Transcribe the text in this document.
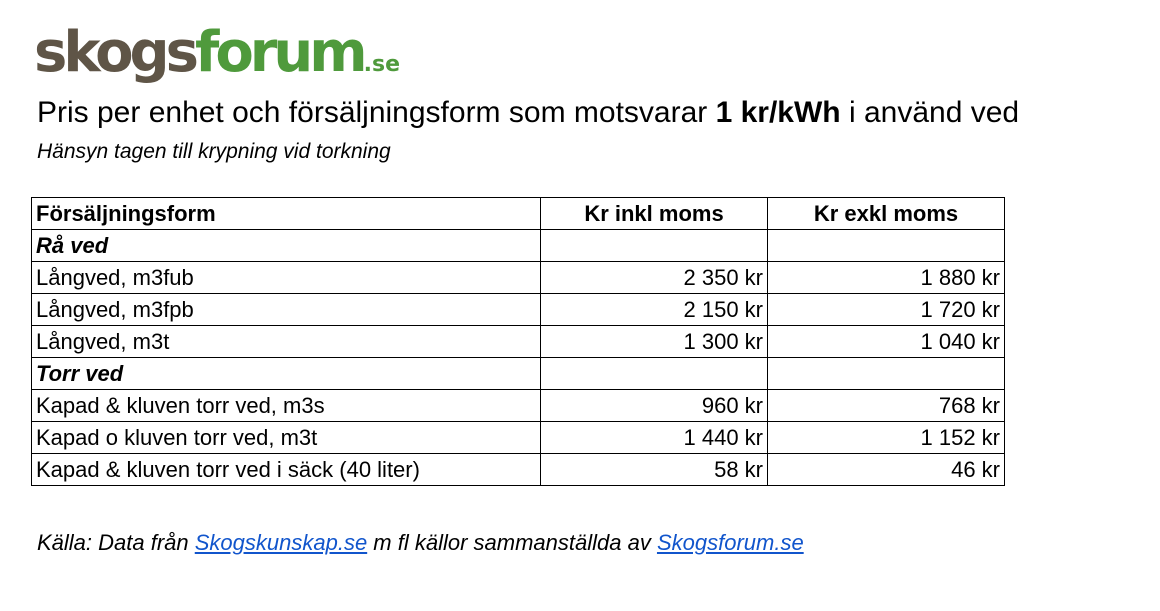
skogsforum.se
Pris per enhet och försäljningsform som motsvarar 1 kr/kWh i använd ved
Hänsyn tagen till krypning vid torkning
Försäljningsform	Kr inkl moms	Kr exkl moms
Rå ved		
Långved, m3fub	2 350 kr	1 880 kr
Långved, m3fpb	2 150 kr	1 720 kr
Långved, m3t	1 300 kr	1 040 kr
Torr ved		
Kapad & kluven torr ved, m3s	960 kr	768 kr
Kapad o kluven torr ved, m3t	1 440 kr	1 152 kr
Kapad & kluven torr ved i säck (40 liter)	58 kr	46 kr
Källa: Data från Skogskunskap.se m fl källor sammanställda av Skogsforum.se
